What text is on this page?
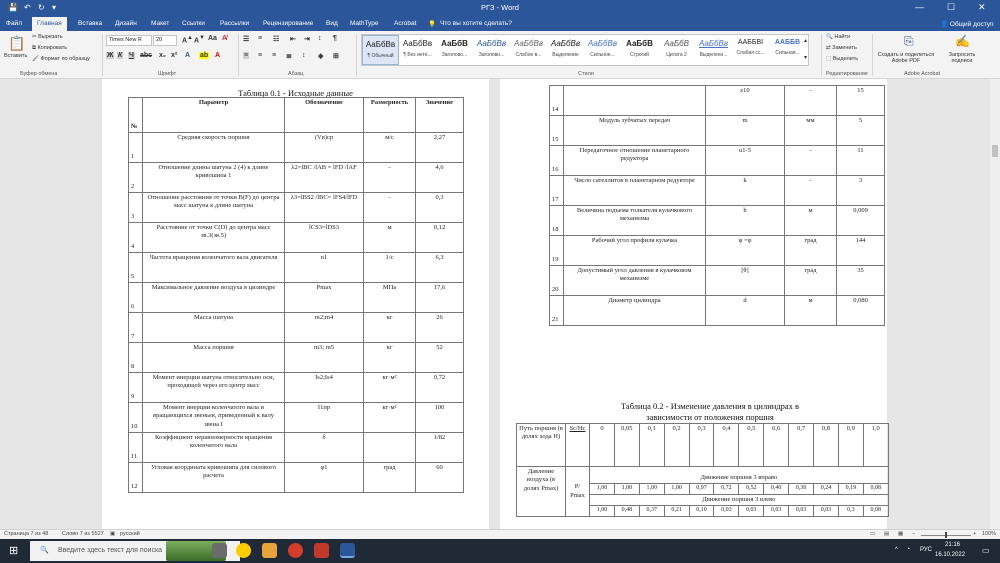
💾 ↶ ↻ ▾	РГЗ - Word	—	☐	✕
Файл	Главная	Вставка Дизайн Макет Ссылки Рассылки Рецензирование Вид MathType Acrobat 💡 Что вы хотите сделать?	👤 Общий доступ
📋
Вставить
✂ Вырезать
⧉ Копировать
🖌 Формат по образцу
Буфер обмена
Times New R	20	A▲ A▼ Aa A̸
Ж К Ч abc x₂ x² A ab A
Шрифт
☰ ≡ ☷ ⇤ ⇥ ↕ ¶
≡ ≡ ≡ ≣ ↕ ◈ ⊞
Абзац	Стили
🔍 Найти
⇄ Заменить
⬚ Выделить
Редактирование
⎘
Создать и поделиться Adobe PDF
✍
Запросить подписи
Adobe Acrobat
АаБбВв
¶ Обычный
АаБбВв
¶ Без инте...
АаБбВ
Заголово...
АаБбВв
Заголово...
АаБбВв
Слабое в...
АаБбВв
Выделение
АаБбВв
Сильное...
АаБбВ
Строгий
АаБбВ
Цитата 2
АаБбВв
Выделенн...
ААББВІ
Слабая сс...
ААББВ
Сильная...
▴
▾
Таблица 0.1 - Исходные данные
№	Параметр	Обозначение	Размерность	Значение
1	Средняя скорость поршня	(Vв)ср	м/с	2,27
2	Отношение длины шатуна 2 (4) к длине кривошипа 1	λ2=lBC /lAB = lFD /lAF	-	4,6
3	Отношение расстояния от точки B(F) до центра масс шатуна к длине шатуна	λ3=lBS2 /lBC= lFS4/lFD	-	0,3
4	Расстояние от точки C(D) до центра масс зв.3(зв.5)	lCS3=lDS3	м	0,12
5	Частота вращения коленчатого вала двигателя	n1	1/с	6,3
6	Максимальное давление воздуха в цилиндре	Pmax	МПа	17,6
7	Масса шатуна	m2;m4	кг	26
8	Масса поршня	m3; m5	кг	52
9	Момент инерции шатуна относительно оси, проходящей через его центр масс	Is2;Is4	кг·м²	0,72
10	Момент инерции коленчатого вала и вращающихся звеньев, приведенный к валу звена I	I1пр	кг·м²	100
11	Коэффициент неравномерности вращения коленчатого вала	δ		1/82
12	Угловая координата кривошипа для силового расчета	φ1	град	60
14		z10	-	15
15	Модуль зубчатых передач	m	мм	5
16	Передаточное отношение планетарного редуктора	u1-5	-	11
17	Число сателлитов в планетарном редукторе	k	-	3
18	Величина подъема толкателя кулачкового механизма	h	м	0,009
19	Рабочий угол профиля кулачка	ψ =φ	град	144
20	Допустимый угол давления в кулачковом механизме	[θ]	град	35
21	Диаметр цилиндра	d	м	0,080
Таблица 0.2 - Изменение давления в цилиндрах в
зависимости от положения поршня
Путь поршня (в долях хода H)	Sc/Hc	0	0,05	0,1	0,2	0,3	0,4	0,5	0,6	0,7	0,8	0,9	1,0
Давление воздуха (в долях Pmax)	P/ Pmax	Движение поршня 3 вправо											
		1,00	1,00	1,00	1,00	0,97	0,72	0,52	0,40	0,30	0,24	0,19	0,08
		Движение поршня 3 влево											
		1,00	0,48	0,37	0,21	0,10	0,03	0,03	0,03	0,03	0,03	0,3	0,08
Страница 7 из 48 Слово 7 из 5527 ▣ русский	▭ ▤ ▦ −	+ 100%
⊞	🔍 Введите здесь текст для поиска	^ ◔ РУС
21:16
16.10.2022 ▭
